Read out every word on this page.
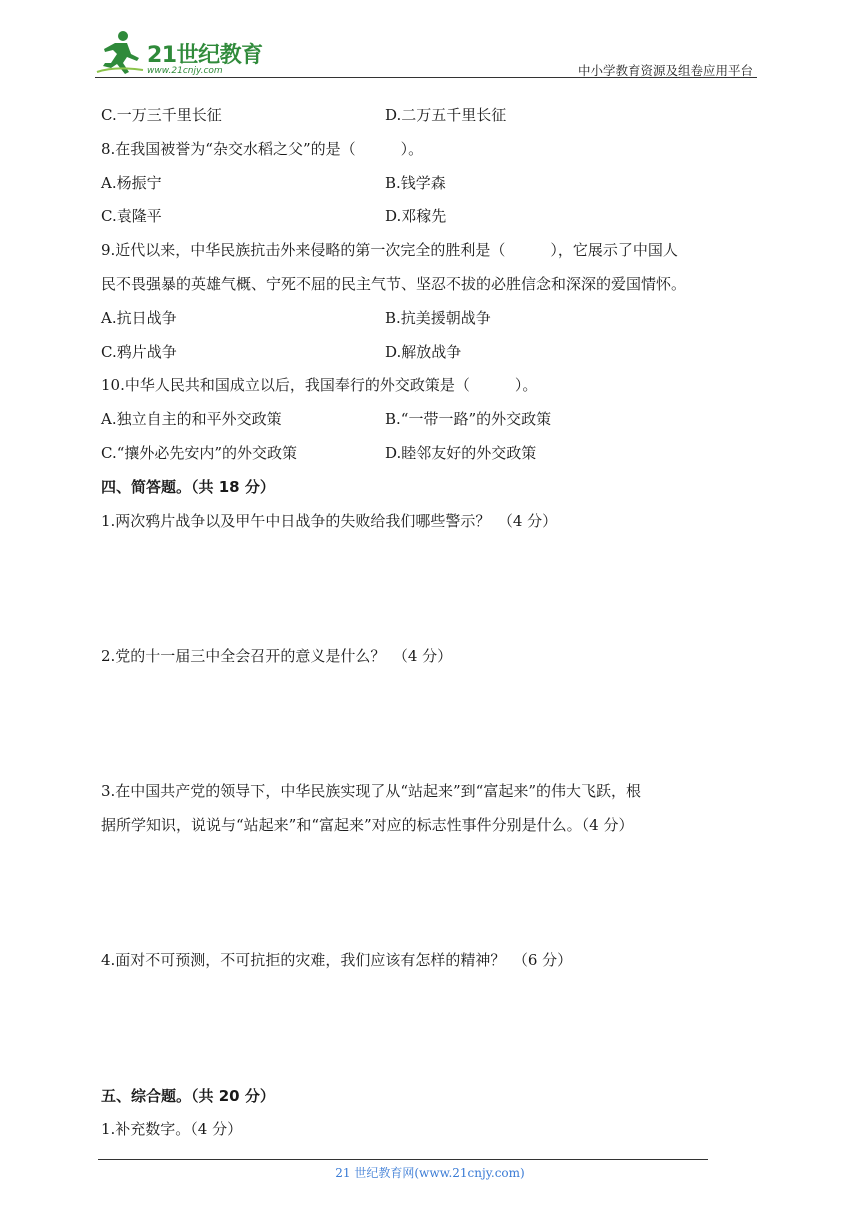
21世纪教育
www.21cnjy.com	中小学教育资源及组卷应用平台
C.一万三千里长征	D.二万五千里长征
8.在我国被誉为“杂交水稻之父”的是（　　　）。
A.杨振宁	B.钱学森
C.袁隆平	D.邓稼先
9.近代以来，中华民族抗击外来侵略的第一次完全的胜利是（　　　），它展示了中国人
民不畏强暴的英雄气概、宁死不屈的民主气节、坚忍不拔的必胜信念和深深的爱国情怀。
A.抗日战争	B.抗美援朝战争
C.鸦片战争	D.解放战争
10.中华人民共和国成立以后，我国奉行的外交政策是（　　　）。
A.独立自主的和平外交政策	B.“一带一路”的外交政策
C.“攘外必先安内”的外交政策	D.睦邻友好的外交政策
四、简答题。（共 18 分）
1.两次鸦片战争以及甲午中日战争的失败给我们哪些警示？　（4 分）
2.党的十一届三中全会召开的意义是什么？　（4 分）
3.在中国共产党的领导下，中华民族实现了从“站起来”到“富起来”的伟大飞跃，根
据所学知识，说说与“站起来”和“富起来”对应的标志性事件分别是什么。（4 分）
4.面对不可预测，不可抗拒的灾难，我们应该有怎样的精神？　（6 分）
五、综合题。（共 20 分）
1.补充数字。（4 分）
21 世纪教育网(www.21cnjy.com)
